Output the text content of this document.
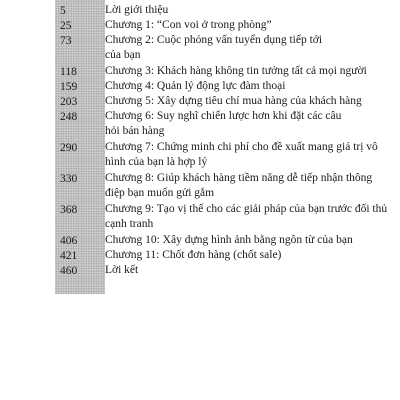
5	Lời giới thiệu
25	Chương 1: “Con voi ở trong phòng”
73	Chương 2: Cuộc phỏng vấn tuyển dụng tiếp tới của bạn
118 Chương 3: Khách hàng không tin tưởng tất cả mọi người
159 Chương 4: Quản lý động lực đàm thoại
203 Chương 5: Xây dựng tiêu chí mua hàng của khách hàng
248 Chương 6: Suy nghĩ chiến lược hơn khi đặt các câu hỏi bán hàng
290 Chương 7: Chứng minh chi phí cho đề xuất mang giá trị vô hình của bạn là hợp lý
330 Chương 8: Giúp khách hàng tiềm năng dễ tiếp nhận thông điệp bạn muốn gửi gắm
368 Chương 9: Tạo vị thế cho các giải pháp của bạn trước đối thủ cạnh tranh
406 Chương 10: Xây dựng hình ảnh bằng ngôn từ của bạn
421 Chương 11: Chốt đơn hàng (chốt sale)
460 Lời kết
